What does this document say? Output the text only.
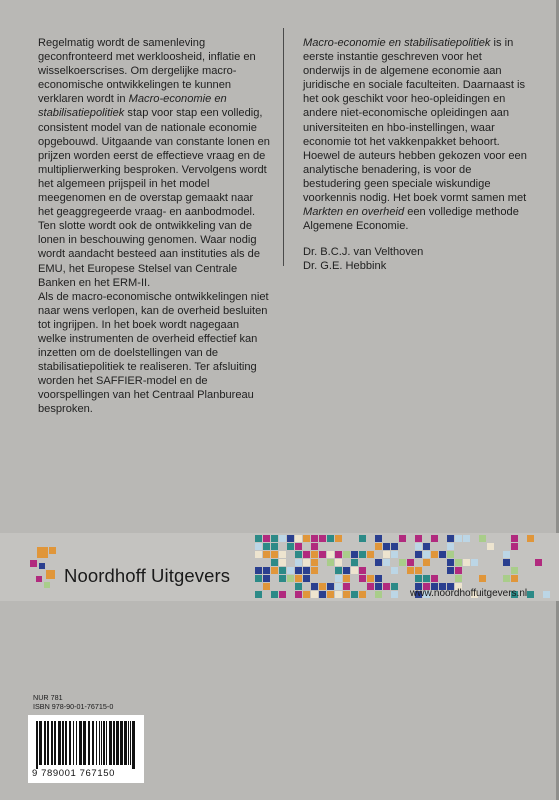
Regelmatig wordt de samenleving geconfronteerd met werkloosheid, inflatie en wisselkoerscrises. Om dergelijke macro-economische ontwikkelingen te kunnen verklaren wordt in Macro-economie en stabilisatiepolitiek stap voor stap een volledig, consistent model van de nationale economie opgebouwd. Uitgaande van constante lonen en prijzen worden eerst de effectieve vraag en de multiplierwerking besproken. Vervolgens wordt het algemeen prijspeil in het model meegenomen en de overstap gemaakt naar het geaggregeerde vraag- en aanbodmodel. Ten slotte wordt ook de ontwikkeling van de lonen in beschouwing genomen. Waar nodig wordt aandacht besteed aan instituties als de EMU, het Europese Stelsel van Centrale Banken en het ERM-II.

Als de macro-economische ontwikkelingen niet naar wens verlopen, kan de overheid besluiten tot ingrijpen. In het boek wordt nagegaan welke instrumenten de overheid effectief kan inzetten om de doelstellingen van de stabilisatiepolitiek te realiseren. Ter afsluiting worden het SAFFIER-model en de voorspellingen van het Centraal Planbureau besproken.

Macro-economie en stabilisatiepolitiek is in eerste instantie geschreven voor het onderwijs in de algemene economie aan juridische en sociale faculteiten. Daarnaast is het ook geschikt voor heo-opleidingen en andere niet-economische opleidingen aan universiteiten en hbo-instellingen, waar economie tot het vakkenpakket behoort. Hoewel de auteurs hebben gekozen voor een analytische benadering, is voor de bestudering geen speciale wiskundige voorkennis nodig. Het boek vormt samen met Markten en overheid een volledige methode Algemene Economie.

Dr. B.C.J. van Velthoven
Dr. G.E. Hebbink
Noordhoff Uitgevers
www.noordhoffuitgevers.nl
NUR 781
ISBN 978-90-01-76715-0
9 789001 767150
